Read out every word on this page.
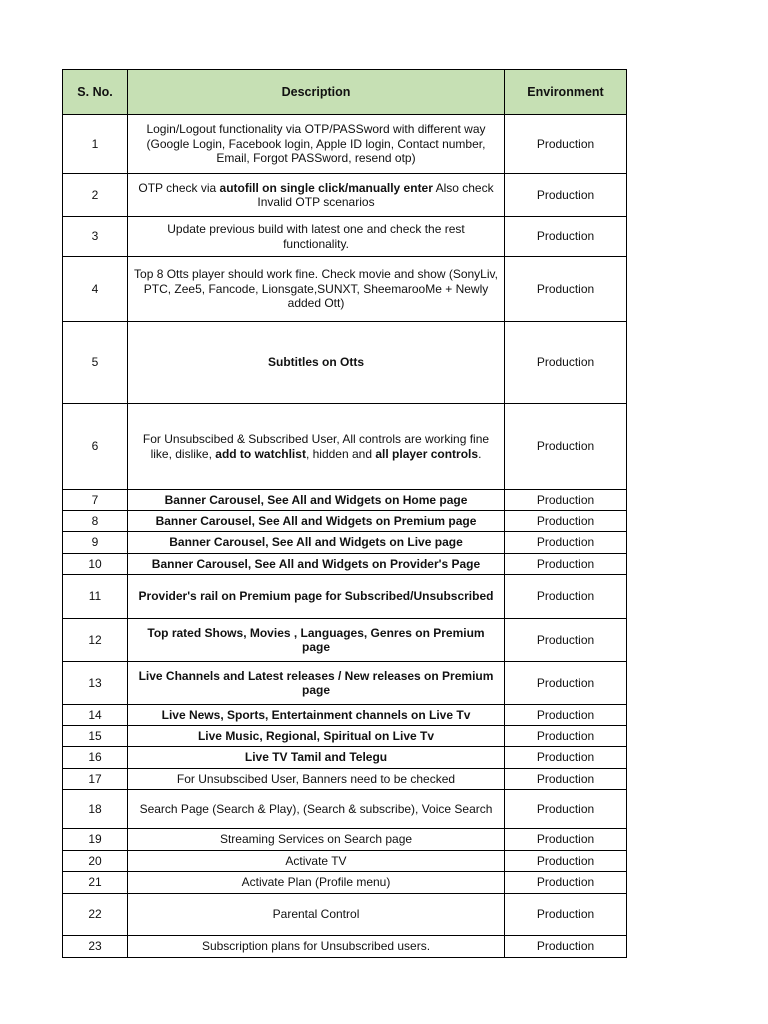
S. No.	Description	Environment
1	Login/Logout functionality via OTP/PASSword with different way (Google Login, Facebook login, Apple ID login, Contact number, Email, Forgot PASSword, resend otp)	Production
2	OTP check via autofill on single click/manually enter Also check Invalid OTP scenarios	Production
3	Update previous build with latest one and check the rest functionality.	Production
4	Top 8 Otts player should work fine. Check movie and show (SonyLiv, PTC, Zee5, Fancode, Lionsgate,SUNXT, SheemarooMe + Newly added Ott)	Production
5	Subtitles on Otts	Production
6	For Unsubscibed & Subscribed User, All controls are working fine like, dislike, add to watchlist, hidden and all player controls.	Production
7	Banner Carousel, See All and Widgets on Home page	Production
8	Banner Carousel, See All and Widgets on Premium page	Production
9	Banner Carousel, See All and Widgets on Live page	Production
10	Banner Carousel, See All and Widgets on Provider's Page	Production
11	Provider's rail on Premium page for Subscribed/Unsubscribed	Production
12	Top rated Shows, Movies , Languages, Genres on Premium page	Production
13	Live Channels and Latest releases / New releases on Premium page	Production
14	Live News, Sports, Entertainment channels on Live Tv	Production
15	Live Music, Regional, Spiritual on Live Tv	Production
16	Live TV Tamil and Telegu	Production
17	For Unsubscibed User, Banners need to be checked	Production
18	Search Page (Search & Play), (Search & subscribe), Voice Search	Production
19	Streaming Services on Search page	Production
20	Activate TV	Production
21	Activate Plan (Profile menu)	Production
22	Parental Control	Production
23	Subscription plans for Unsubscribed users.	Production
